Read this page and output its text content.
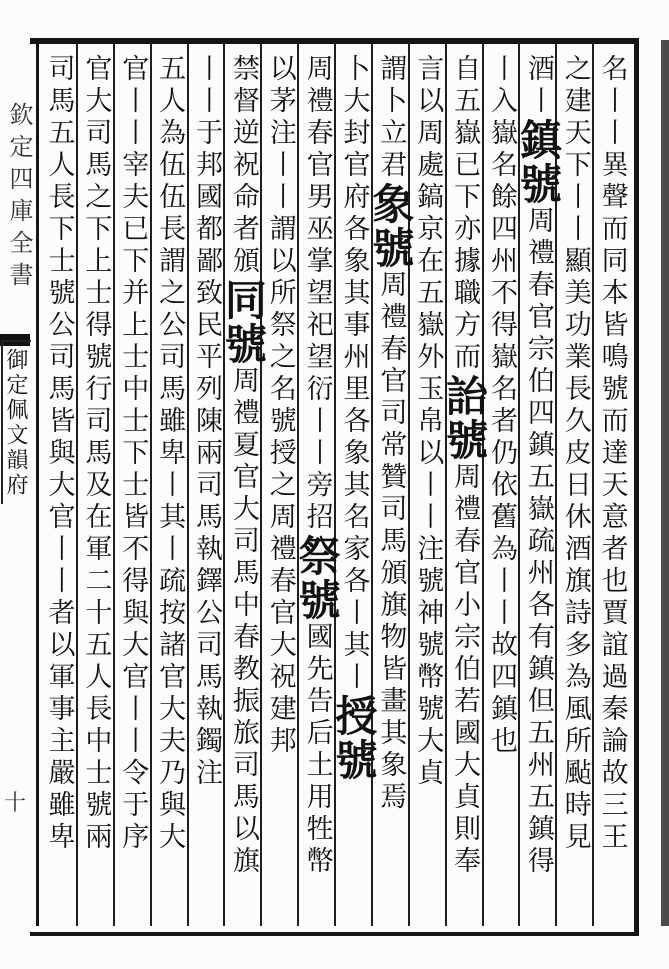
欽定四庫全書
御定佩文韻府
十	名丨丨異聲而同本皆鳴號而達天意者也賈誼過秦論故三王
之建天下丨丨顯美功業長久皮日休酒旗詩多為風所颭時見
酒丨鎮號周禮春官宗伯四鎮五嶽疏州各有鎮但五州五鎮得
丨入嶽名餘四州不得嶽名者仍依舊為丨丨故四鎮也
自五嶽已下亦據職方而詒號周禮春官小宗伯若國大貞則奉
言以周處鎬京在五嶽外玉帛以丨丨注號神號幣號大貞
謂卜立君象號周禮春官司常贊司馬頒旗物皆畫其象焉
卜大封官府各象其事州里各象其名家各丨其丨授號
周禮春官男巫掌望祀望衍丨丨旁招祭號國先告后土用牲幣
以茅注丨丨謂以所祭之名號授之周禮春官大祝建邦
禁督逆祝命者頒同號周禮夏官大司馬中春教振旅司馬以旗
丨丨于邦國都鄙致民平列陳兩司馬執鐸公司馬執鐲注
五人為伍伍長謂之公司馬雖卑丨其丨疏按諸官大夫乃與大
官丨丨宰夫已下并上士中士下士皆不得與大官丨丨令于序
官大司馬之下上士得號行司馬及在軍二十五人長中士號兩
司馬五人長下士號公司馬皆與大官丨丨者以軍事主嚴雖卑
